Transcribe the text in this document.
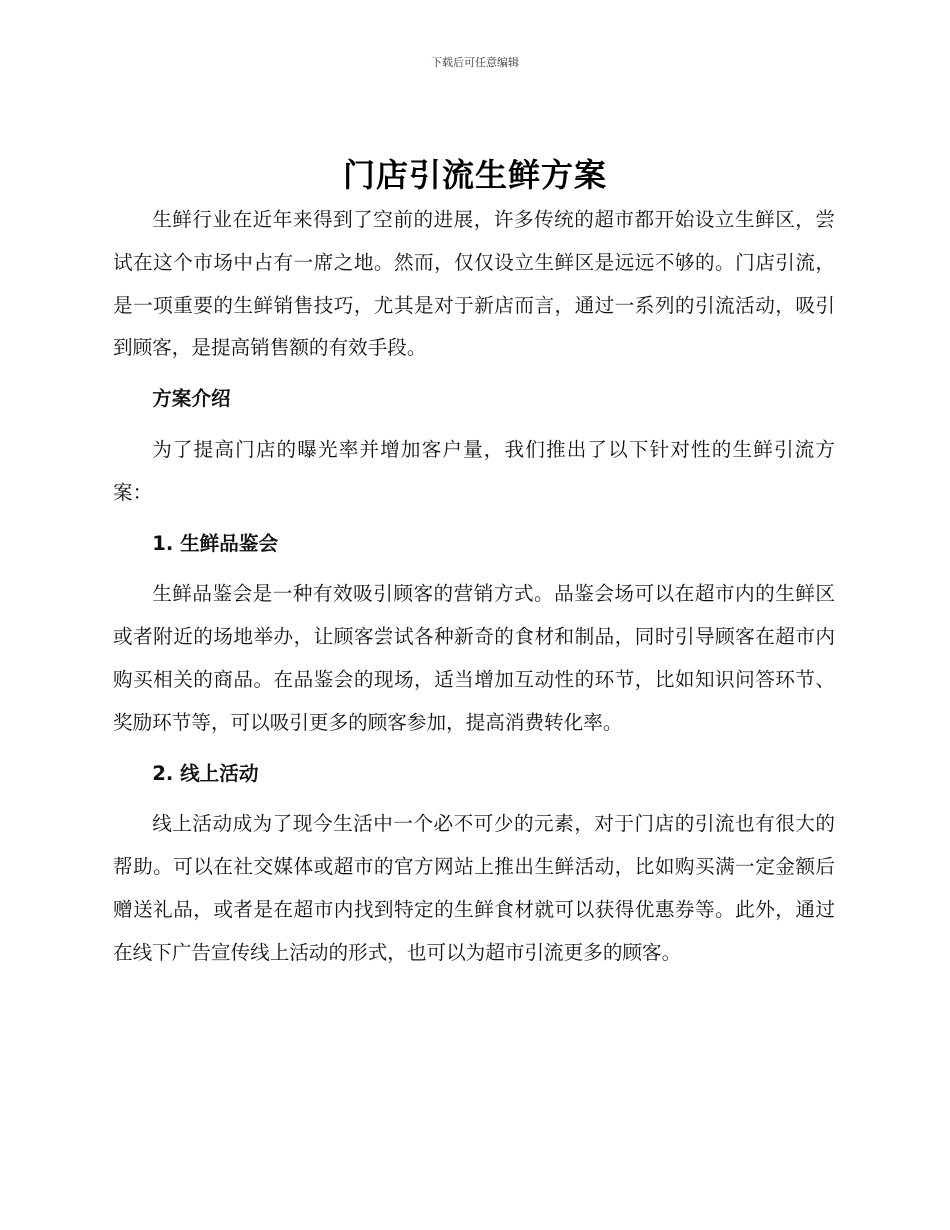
下载后可任意编辑
门店引流生鲜方案

生鲜行业在近年来得到了空前的进展，许多传统的超市都开始设立生鲜区，尝试在这个市场中占有一席之地。然而，仅仅设立生鲜区是远远不够的。门店引流，是一项重要的生鲜销售技巧，尤其是对于新店而言，通过一系列的引流活动，吸引到顾客，是提高销售额的有效手段。

方案介绍

为了提高门店的曝光率并增加客户量，我们推出了以下针对性的生鲜引流方案：

1. 生鲜品鉴会

生鲜品鉴会是一种有效吸引顾客的营销方式。品鉴会场可以在超市内的生鲜区或者附近的场地举办，让顾客尝试各种新奇的食材和制品，同时引导顾客在超市内购买相关的商品。在品鉴会的现场，适当增加互动性的环节，比如知识问答环节、奖励环节等，可以吸引更多的顾客参加，提高消费转化率。

2. 线上活动

线上活动成为了现今生活中一个必不可少的元素，对于门店的引流也有很大的帮助。可以在社交媒体或超市的官方网站上推出生鲜活动，比如购买满一定金额后赠送礼品，或者是在超市内找到特定的生鲜食材就可以获得优惠券等。此外，通过在线下广告宣传线上活动的形式，也可以为超市引流更多的顾客。
